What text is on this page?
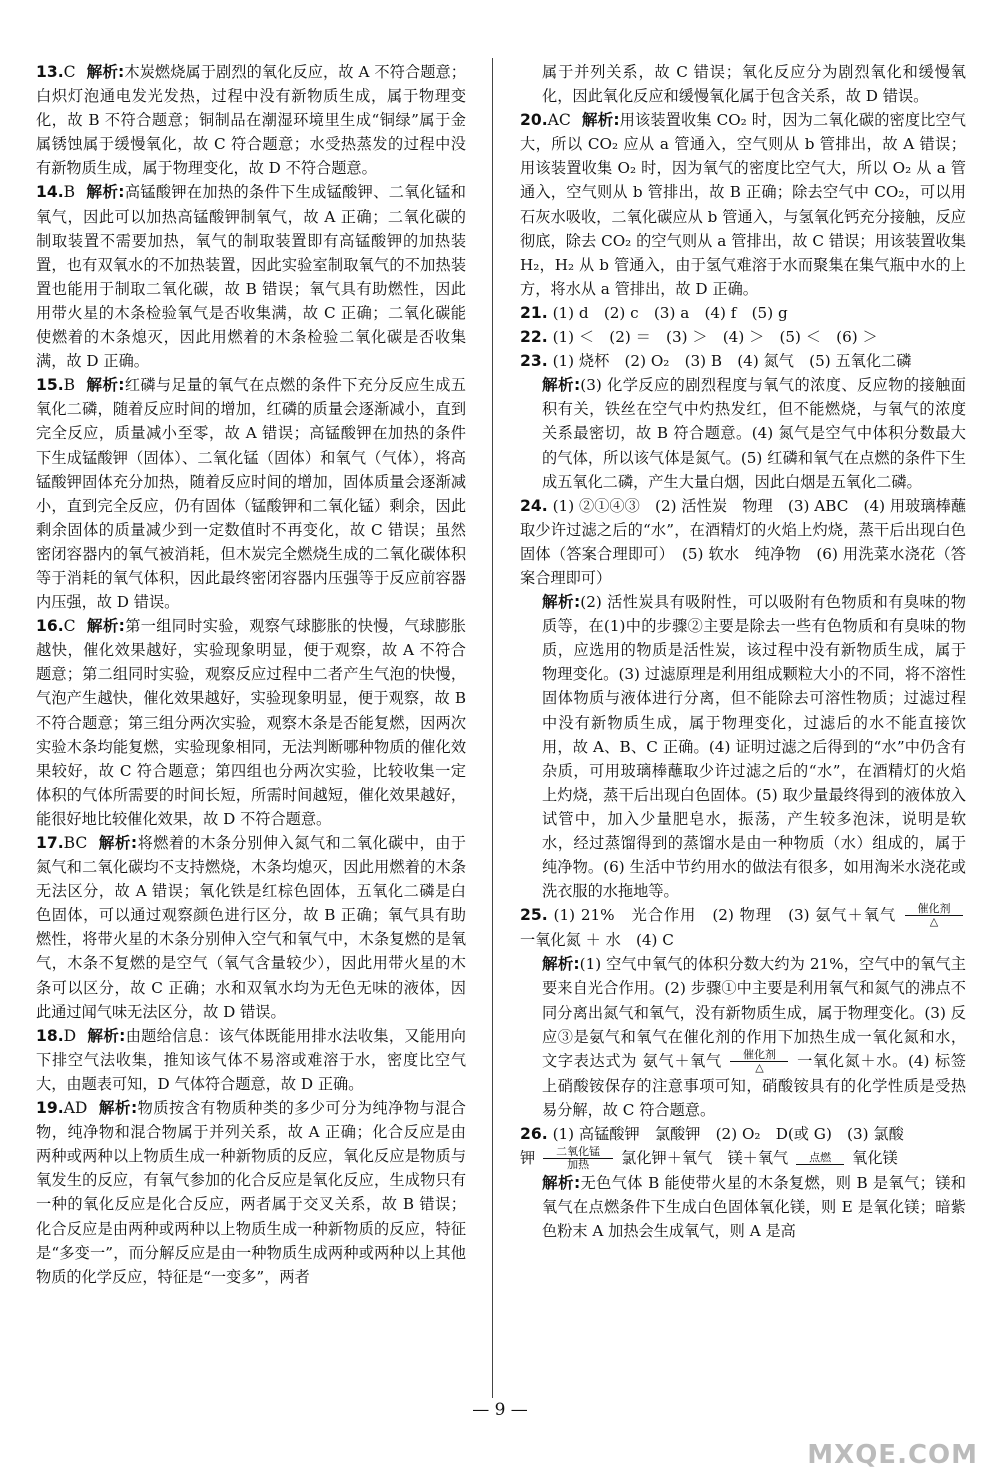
13.C 解析:木炭燃烧属于剧烈的氧化反应，故 A 不符合题意；白炽灯泡通电发光发热，过程中没有新物质生成，属于物理变化，故 B 不符合题意；铜制品在潮湿环境里生成“铜绿”属于金属锈蚀属于缓慢氧化，故 C 符合题意；水受热蒸发的过程中没有新物质生成，属于物理变化，故 D 不符合题意。

14.B 解析:高锰酸钾在加热的条件下生成锰酸钾、二氧化锰和氧气，因此可以加热高锰酸钾制氧气，故 A 正确；二氧化碳的制取装置不需要加热，氧气的制取装置即有高锰酸钾的加热装置，也有双氧水的不加热装置，因此实验室制取氧气的不加热装置也能用于制取二氧化碳，故 B 错误；氧气具有助燃性，因此用带火星的木条检验氧气是否收集满，故 C 正确；二氧化碳能使燃着的木条熄灭，因此用燃着的木条检验二氧化碳是否收集满，故 D 正确。

15.B 解析:红磷与足量的氧气在点燃的条件下充分反应生成五氧化二磷，随着反应时间的增加，红磷的质量会逐渐减小，直到完全反应，质量减小至零，故 A 错误；高锰酸钾在加热的条件下生成锰酸钾（固体）、二氧化锰（固体）和氧气（气体），将高锰酸钾固体充分加热，随着反应时间的增加，固体质量会逐渐减小，直到完全反应，仍有固体（锰酸钾和二氧化锰）剩余，因此剩余固体的质量减少到一定数值时不再变化，故 C 错误；虽然密闭容器内的氧气被消耗，但木炭完全燃烧生成的二氧化碳体积等于消耗的氧气体积，因此最终密闭容器内压强等于反应前容器内压强，故 D 错误。

16.C 解析:第一组同时实验，观察气球膨胀的快慢，气球膨胀越快，催化效果越好，实验现象明显，便于观察，故 A 不符合题意；第二组同时实验，观察反应过程中二者产生气泡的快慢，气泡产生越快，催化效果越好，实验现象明显，便于观察，故 B 不符合题意；第三组分两次实验，观察木条是否能复燃，因两次实验木条均能复燃，实验现象相同，无法判断哪种物质的催化效果较好，故 C 符合题意；第四组也分两次实验，比较收集一定体积的气体所需要的时间长短，所需时间越短，催化效果越好，能很好地比较催化效果，故 D 不符合题意。

17.BC 解析:将燃着的木条分别伸入氮气和二氧化碳中，由于氮气和二氧化碳均不支持燃烧，木条均熄灭，因此用燃着的木条无法区分，故 A 错误；氧化铁是红棕色固体，五氧化二磷是白色固体，可以通过观察颜色进行区分，故 B 正确；氧气具有助燃性，将带火星的木条分别伸入空气和氧气中，木条复燃的是氧气，木条不复燃的是空气（氧气含量较少），因此用带火星的木条可以区分，故 C 正确；水和双氧水均为无色无味的液体，因此通过闻气味无法区分，故 D 错误。

18.D 解析:由题给信息：该气体既能用排水法收集，又能用向下排空气法收集，推知该气体不易溶或难溶于水，密度比空气大，由题表可知，D 气体符合题意，故 D 正确。

19.AD 解析:物质按含有物质种类的多少可分为纯净物与混合物，纯净物和混合物属于并列关系，故 A 正确；化合反应是由两种或两种以上物质生成一种新物质的反应，氧化反应是物质与氧发生的反应，有氧气参加的化合反应是氧化反应，生成物只有一种的氧化反应是化合反应，两者属于交叉关系，故 B 错误；化合反应是由两种或两种以上物质生成一种新物质的反应，特征是“多变一”，而分解反应是由一种物质生成两种或两种以上其他物质的化学反应，特征是“一变多”，两者

属于并列关系，故 C 错误；氧化反应分为剧烈氧化和缓慢氧化，因此氧化反应和缓慢氧化属于包含关系，故 D 错误。

20.AC 解析:用该装置收集 CO₂ 时，因为二氧化碳的密度比空气大，所以 CO₂ 应从 a 管通入，空气则从 b 管排出，故 A 错误；用该装置收集 O₂ 时，因为氧气的密度比空气大，所以 O₂ 从 a 管通入，空气则从 b 管排出，故 B 正确；除去空气中 CO₂，可以用石灰水吸收，二氧化碳应从 b 管通入，与氢氧化钙充分接触，反应彻底，除去 CO₂ 的空气则从 a 管排出，故 C 错误；用该装置收集 H₂，H₂ 从 b 管通入，由于氢气难溶于水而聚集在集气瓶中水的上方，将水从 a 管排出，故 D 正确。

21. (1) d　(2) c　(3) a　(4) f　(5) g

22. (1) ＜　(2) ＝　(3) ＞　(4) ＞　(5) ＜　(6) ＞

23. (1) 烧杯　(2) O₂　(3) B　(4) 氮气　(5) 五氧化二磷

解析:(3) 化学反应的剧烈程度与氧气的浓度、反应物的接触面积有关，铁丝在空气中灼热发红，但不能燃烧，与氧气的浓度关系最密切，故 B 符合题意。(4) 氮气是空气中体积分数最大的气体，所以该气体是氮气。(5) 红磷和氧气在点燃的条件下生成五氧化二磷，产生大量白烟，因此白烟是五氧化二磷。

24. (1) ②①④③　(2) 活性炭　物理　(3) ABC　(4) 用玻璃棒蘸取少许过滤之后的“水”，在酒精灯的火焰上灼烧，蒸干后出现白色固体（答案合理即可）　(5) 软水　纯净物　(6) 用洗菜水浇花（答案合理即可）

解析:(2) 活性炭具有吸附性，可以吸附有色物质和有臭味的物质等，在(1)中的步骤②主要是除去一些有色物质和有臭味的物质，应选用的物质是活性炭，该过程中没有新物质生成，属于物理变化。(3) 过滤原理是利用组成颗粒大小的不同，将不溶性固体物质与液体进行分离，但不能除去可溶性物质；过滤过程中没有新物质生成，属于物理变化，过滤后的水不能直接饮用，故 A、B、C 正确。(4) 证明过滤之后得到的“水”中仍含有杂质，可用玻璃棒蘸取少许过滤之后的“水”，在酒精灯的火焰上灼烧，蒸干后出现白色固体。(5) 取少量最终得到的液体放入试管中，加入少量肥皂水，振荡，产生较多泡沫，说明是软水，经过蒸馏得到的蒸馏水是由一种物质（水）组成的，属于纯净物。(6) 生活中节约用水的做法有很多，如用淘米水浇花或洗衣服的水拖地等。

25. (1) 21%　光合作用　(2) 物理　(3) 氨气＋氧气	催化剂
△
一氧化氮 ＋ 水　(4) C

解析:(1) 空气中氧气的体积分数大约为 21%，空气中的氧气主要来自光合作用。(2) 步骤①中主要是利用氧气和氮气的沸点不同分离出氮气和氧气，没有新物质生成，属于物理变化。(3) 反应③是氨气和氧气在催化剂的作用下加热生成一氧化氮和水，文字表达式为 氨气＋氧气	催化剂
△	一氧化氮＋水。(4) 标签上硝酸铵保存的注意事项可知，硝酸铵具有的化学性质是受热易分解，故 C 符合题意。

26. (1) 高锰酸钾　氯酸钾　(2) O₂　D(或 G)　(3) 氯酸

钾	二氧化锰
加热	氯化钾＋氧气　镁＋氧气	点燃	氧化镁

解析:无色气体 B 能使带火星的木条复燃，则 B 是氧气；镁和氧气在点燃条件下生成白色固体氧化镁，则 E 是氧化镁；暗紫色粉末 A 加热会生成氧气，则 A 是高

— 9 —
MXQE.COM
